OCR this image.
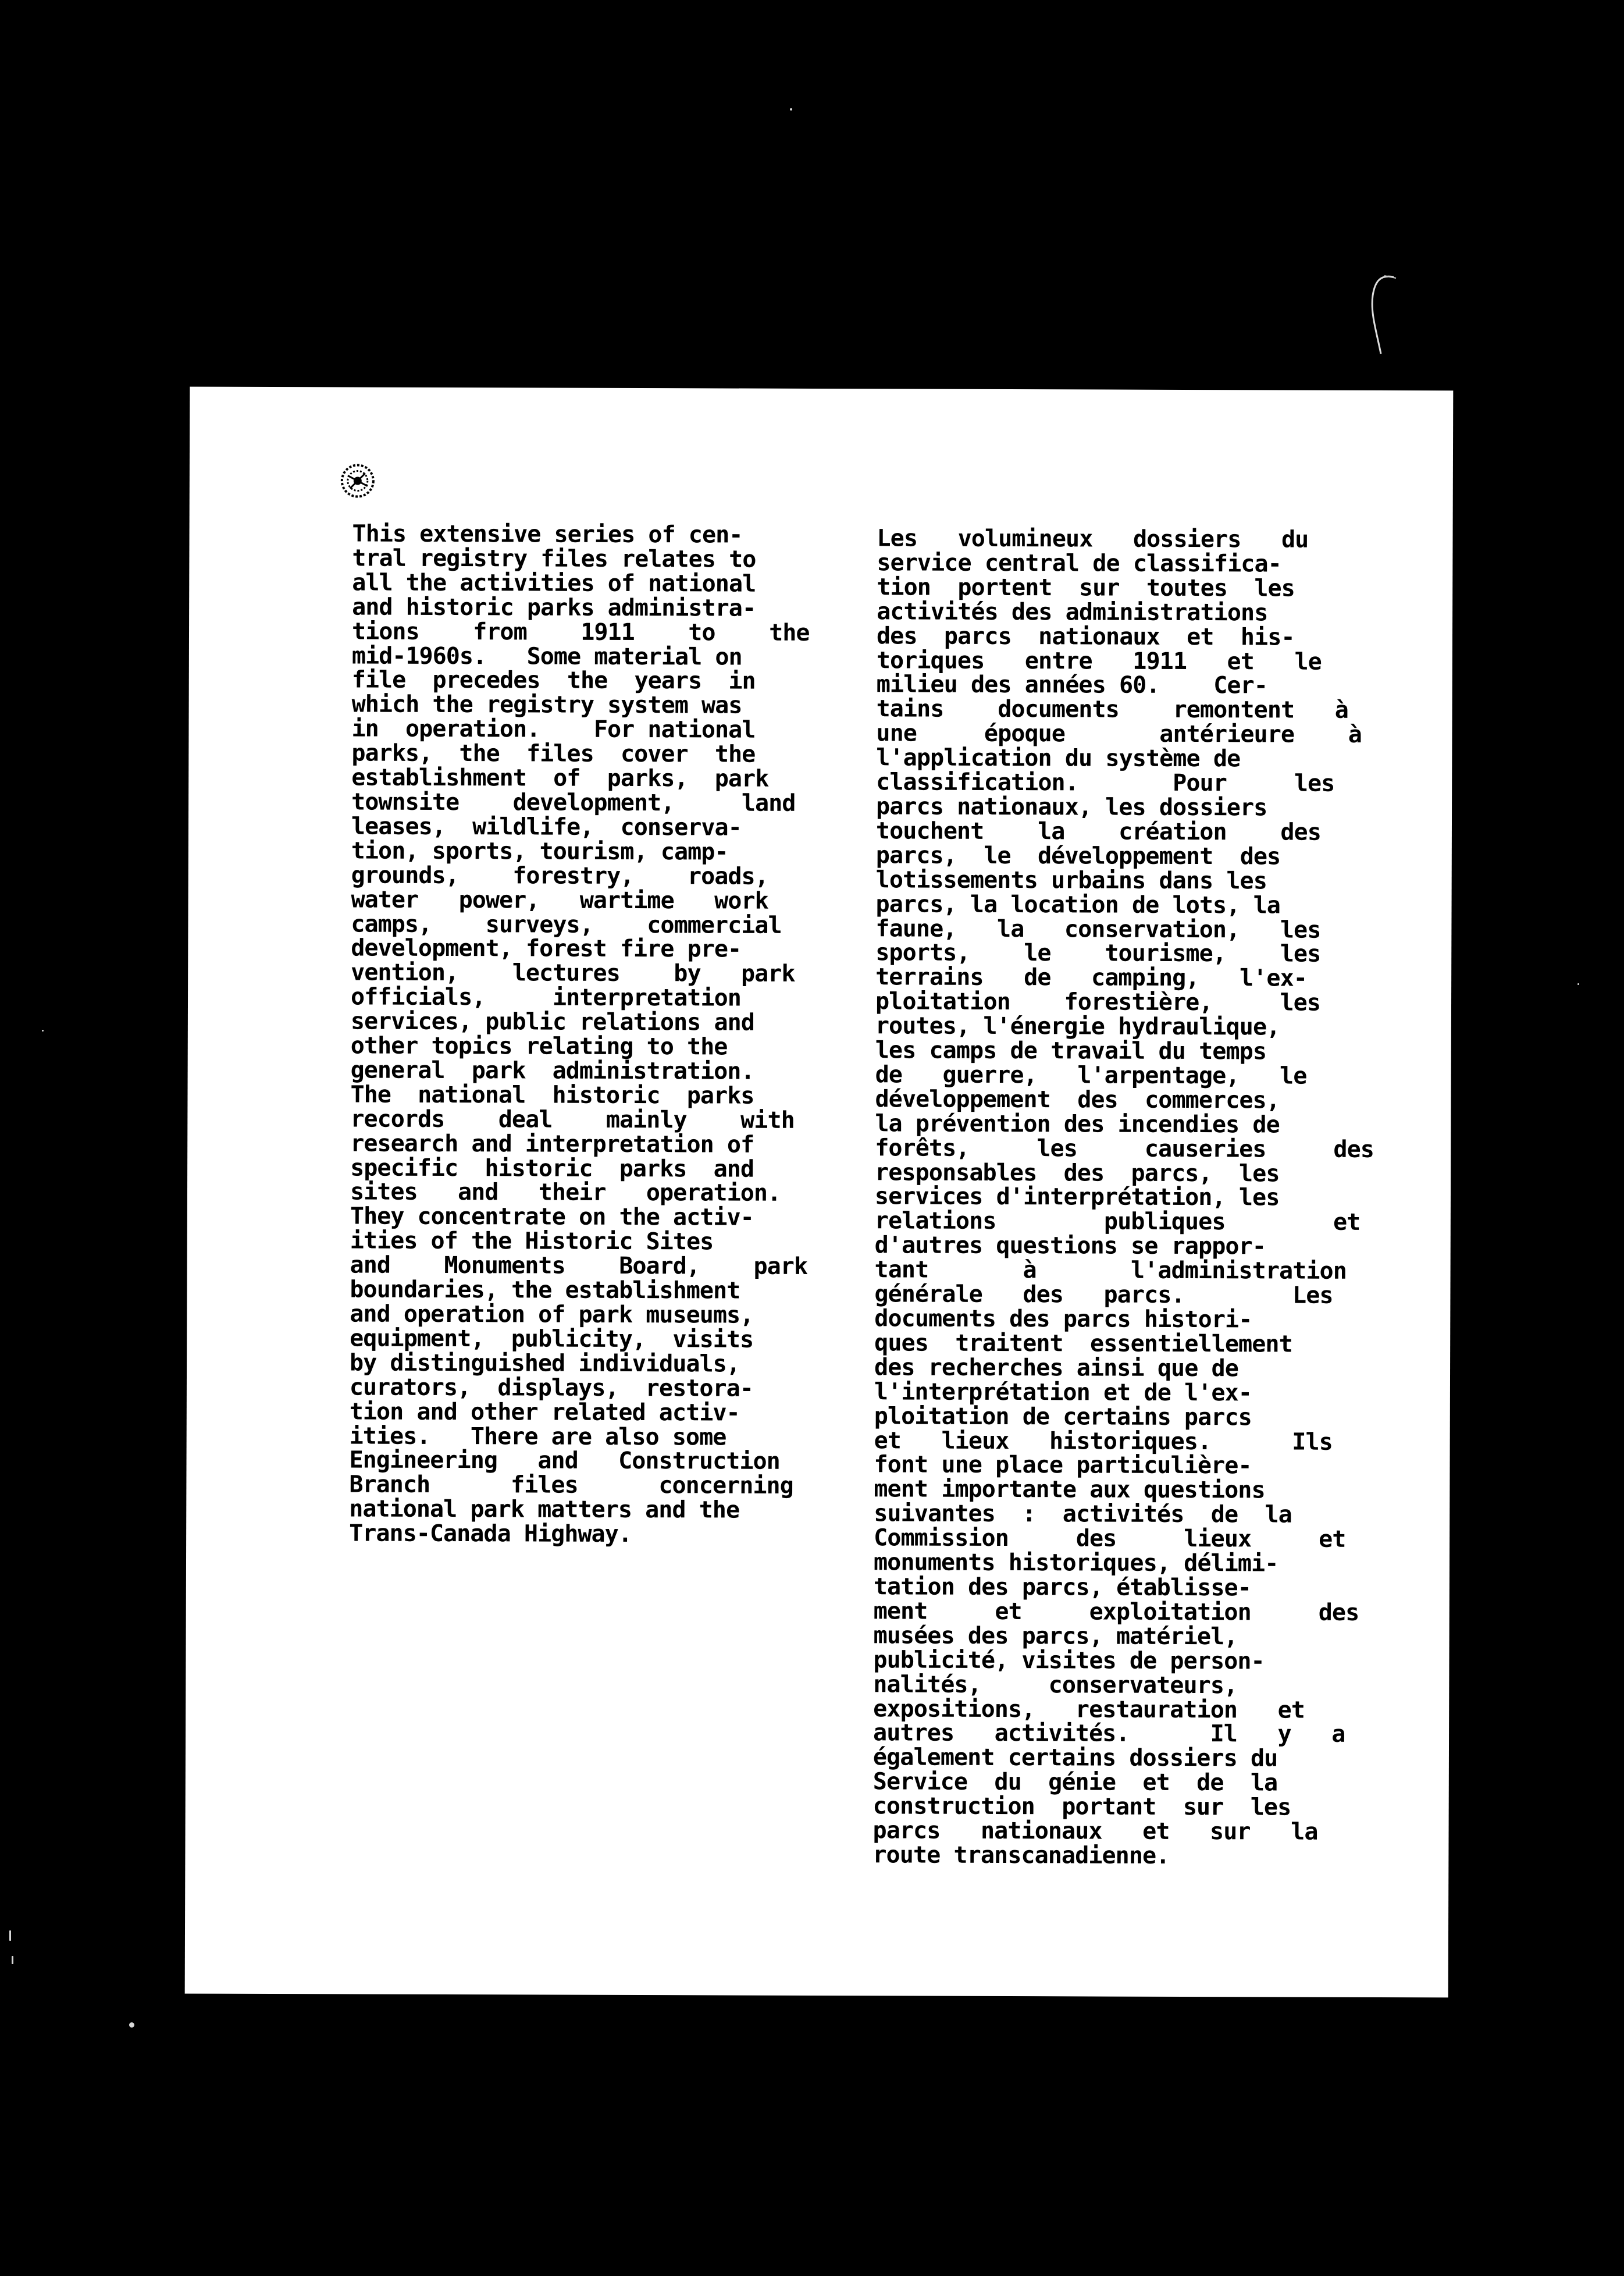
This extensive series of cen-
tral registry files relates to
all the activities of national
and historic parks administra-
tions    from    1911    to    the
mid-1960s.   Some material on
file  precedes  the  years  in
which the registry system was
in  operation.    For national
parks,  the  files  cover  the
establishment  of  parks,  park
townsite    development,     land
leases,  wildlife,  conserva-
tion, sports, tourism, camp-
grounds,    forestry,    roads,
water   power,   wartime   work
camps,    surveys,    commercial
development, forest fire pre-
vention,    lectures    by   park
officials,     interpretation
services, public relations and
other topics relating to the
general  park  administration.
The  national  historic  parks
records    deal    mainly    with
research and interpretation of
specific  historic  parks  and
sites   and   their   operation.
They concentrate on the activ-
ities of the Historic Sites
and    Monuments    Board,    park
boundaries, the establishment
and operation of park museums,
equipment,  publicity,  visits
by distinguished individuals,
curators,  displays,  restora-
tion and other related activ-
ities.   There are also some
Engineering   and   Construction
Branch      files      concerning
national park matters and the
Trans-Canada Highway.
Les   volumineux   dossiers   du
service central de classifica-
tion  portent  sur  toutes  les
activités des administrations
des  parcs  nationaux  et  his-
toriques   entre   1911   et   le
milieu des années 60.    Cer-
tains    documents    remontent   à
une     époque       antérieure    à
l'application du système de
classification.       Pour     les
parcs nationaux, les dossiers
touchent    la    création    des
parcs,  le  développement  des
lotissements urbains dans les
parcs, la location de lots, la
faune,   la   conservation,   les
sports,    le    tourisme,    les
terrains   de   camping,   l'ex-
ploitation    forestière,     les
routes, l'énergie hydraulique,
les camps de travail du temps
de   guerre,   l'arpentage,   le
développement  des  commerces,
la prévention des incendies de
forêts,     les     causeries     des
responsables  des  parcs,  les
services d'interprétation, les
relations        publiques        et
d'autres questions se rappor-
tant       à       l'administration
générale   des   parcs.        Les
documents des parcs histori-
ques  traitent  essentiellement
des recherches ainsi que de
l'interprétation et de l'ex-
ploitation de certains parcs
et   lieux   historiques.      Ils
font une place particulière-
ment importante aux questions
suivantes  :  activités  de  la
Commission     des     lieux     et
monuments historiques, délimi-
tation des parcs, établisse-
ment     et     exploitation     des
musées des parcs, matériel,
publicité, visites de person-
nalités,     conservateurs,
expositions,   restauration   et
autres   activités.      Il   y   a
également certains dossiers du
Service  du  génie  et  de  la
construction  portant  sur  les
parcs   nationaux   et   sur   la
route transcanadienne.
